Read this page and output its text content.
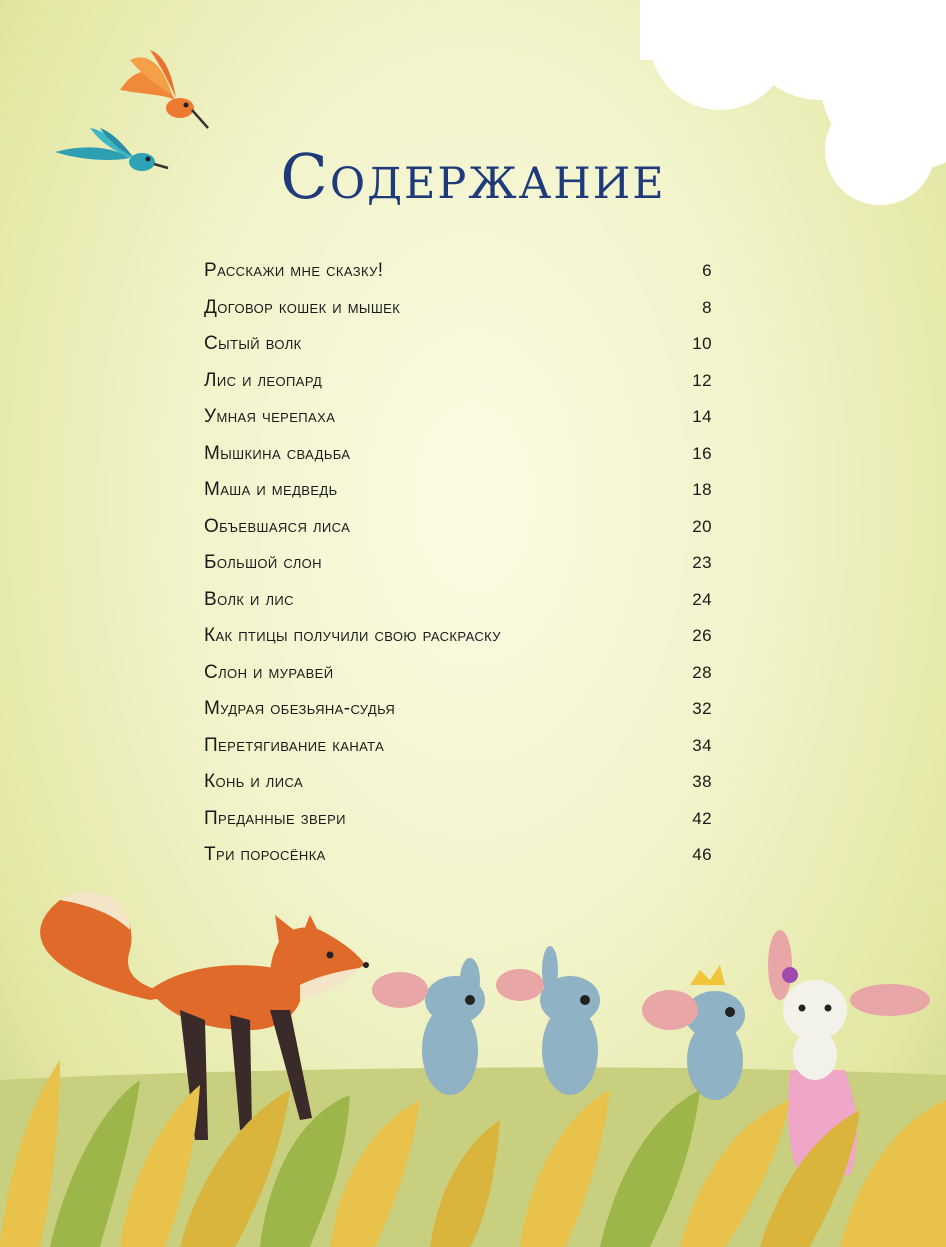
Содержание
Расскажи мне сказку!	6
Договор кошек и мышек	8
Сытый волк	10
Лис и леопард	12
Умная черепаха	14
Мышкина свадьба	16
Маша и медведь	18
Объевшаяся лиса	20
Большой слон	23
Волк и лис	24
Как птицы получили свою раскраску	26
Слон и муравей	28
Мудрая обезьяна-судья	32
Перетягивание каната	34
Конь и лиса	38
Преданные звери	42
Три поросёнка	46
